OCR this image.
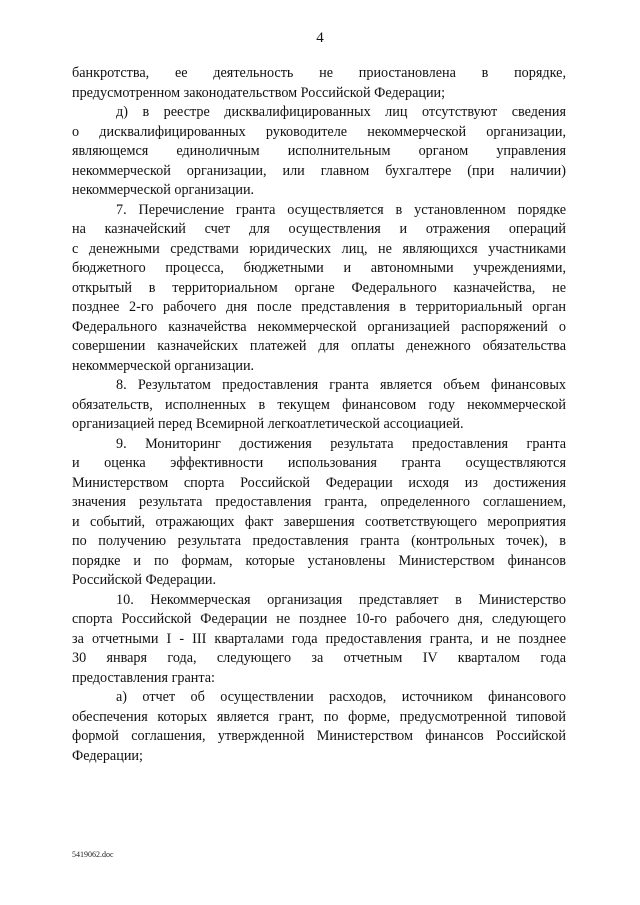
4
банкротства, ее деятельность не приостановлена в порядке,
предусмотренном законодательством Российской Федерации;
д) в реестре дисквалифицированных лиц отсутствуют сведения
о дисквалифицированных руководителе некоммерческой организации,
являющемся единоличным исполнительным органом управления
некоммерческой организации, или главном бухгалтере (при наличии)
некоммерческой организации.
7. Перечисление гранта осуществляется в установленном порядке
на казначейский счет для осуществления и отражения операций
с денежными средствами юридических лиц, не являющихся участниками
бюджетного процесса, бюджетными и автономными учреждениями,
открытый в территориальном органе Федерального казначейства, не
позднее 2-го рабочего дня после представления в территориальный орган
Федерального казначейства некоммерческой организацией распоряжений о
совершении казначейских платежей для оплаты денежного обязательства
некоммерческой организации.
8. Результатом предоставления гранта является объем финансовых
обязательств, исполненных в текущем финансовом году некоммерческой
организацией перед Всемирной легкоатлетической ассоциацией.
9. Мониторинг достижения результата предоставления гранта
и оценка эффективности использования гранта осуществляются
Министерством спорта Российской Федерации исходя из достижения
значения результата предоставления гранта, определенного соглашением,
и событий, отражающих факт завершения соответствующего мероприятия
по получению результата предоставления гранта (контрольных точек), в
порядке и по формам, которые установлены Министерством финансов
Российской Федерации.
10. Некоммерческая организация представляет в Министерство
спорта Российской Федерации не позднее 10-го рабочего дня, следующего
за отчетными I - III кварталами года предоставления гранта, и не позднее
30 января года, следующего за отчетным IV кварталом года
предоставления гранта:
а) отчет об осуществлении расходов, источником финансового
обеспечения которых является грант, по форме, предусмотренной типовой
формой соглашения, утвержденной Министерством финансов Российской
Федерации;
5419062.doc
